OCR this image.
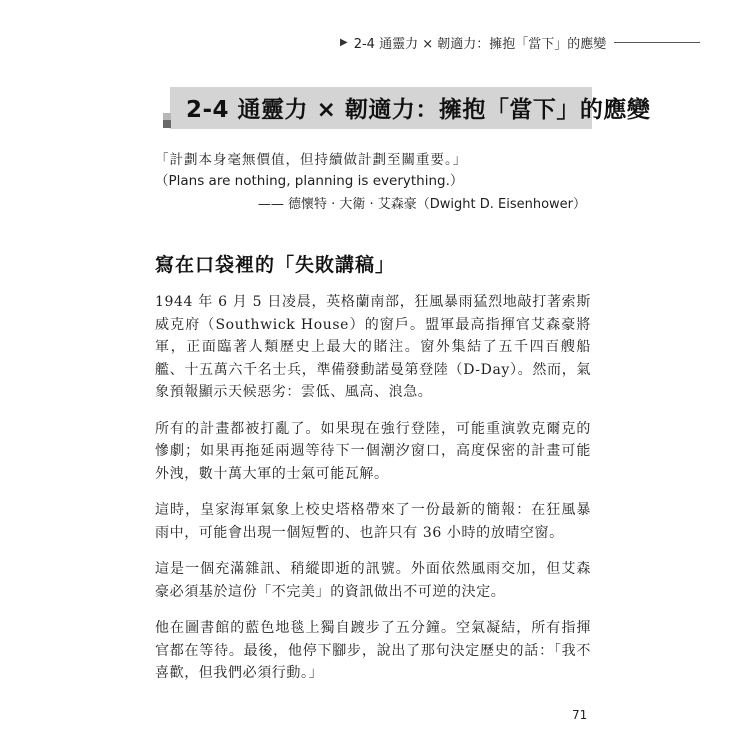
▶ 2-4 通靈力 × 韌適力：擁抱「當下」的應變
2-4 通靈力 × 韌適力：擁抱「當下」的應變
「計劃本身毫無價值，但持續做計劃至關重要。」
（Plans are nothing, planning is everything.）
—— 德懷特 · 大衛 · 艾森豪（Dwight D. Eisenhower）
寫在口袋裡的「失敗講稿」

1944 年 6 月 5 日凌晨，英格蘭南部，狂風暴雨猛烈地敲打著索斯威克府（Southwick House）的窗戶。盟軍最高指揮官艾森豪將軍，正面臨著人類歷史上最大的賭注。窗外集結了五千四百艘船艦、十五萬六千名士兵，準備發動諾曼第登陸（D-Day）。然而，氣象預報顯示天候惡劣：雲低、風高、浪急。

所有的計畫都被打亂了。如果現在強行登陸，可能重演敦克爾克的慘劇；如果再拖延兩週等待下一個潮汐窗口，高度保密的計畫可能外洩，數十萬大軍的士氣可能瓦解。

這時，皇家海軍氣象上校史塔格帶來了一份最新的簡報：在狂風暴雨中，可能會出現一個短暫的、也許只有 36 小時的放晴空窗。

這是一個充滿雜訊、稍縱即逝的訊號。外面依然風雨交加，但艾森豪必須基於這份「不完美」的資訊做出不可逆的決定。

他在圖書館的藍色地毯上獨自踱步了五分鐘。空氣凝結，所有指揮官都在等待。最後，他停下腳步，說出了那句決定歷史的話：「我不喜歡，但我們必須行動。」

71
